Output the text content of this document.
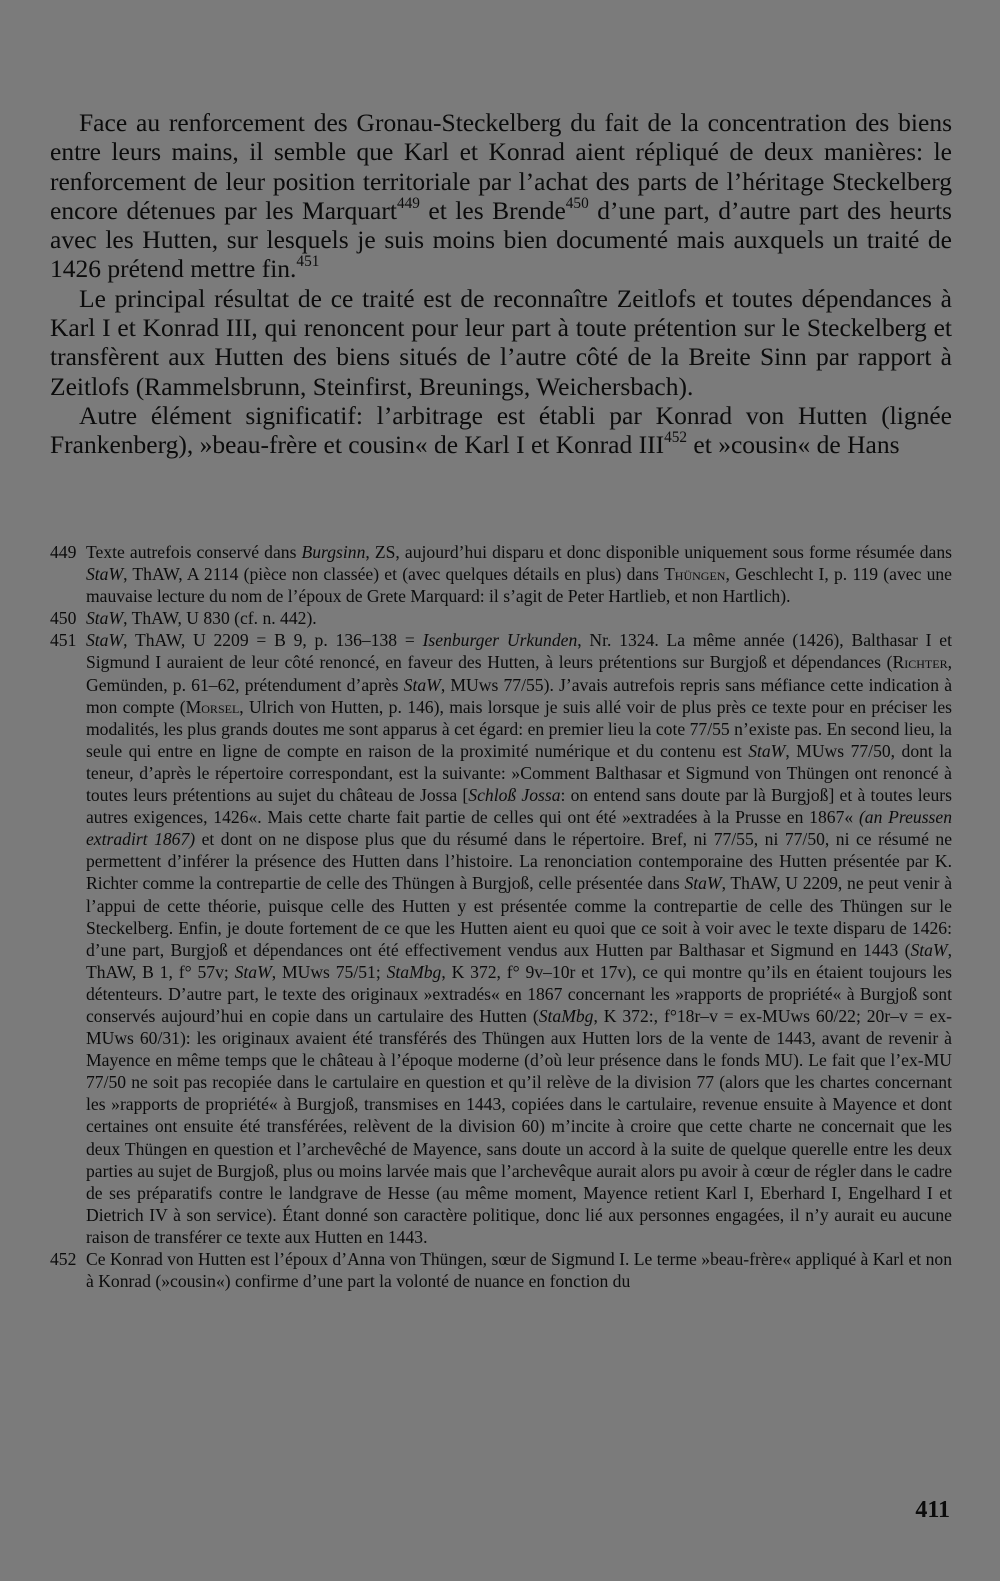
Face au renforcement des Gronau-Steckelberg du fait de la concentration des biens entre leurs mains, il semble que Karl et Konrad aient répliqué de deux manières: le renforcement de leur position territoriale par l’achat des parts de l’héritage Steckelberg encore détenues par les Marquart$^{449}$ et les Brende$^{450}$ d’une part, d’autre part des heurts avec les Hutten, sur lesquels je suis moins bien documenté mais auxquels un traité de 1426 prétend mettre fin.$^{451}$

Le principal résultat de ce traité est de reconnaître Zeitlofs et toutes dépendances à Karl I et Konrad III, qui renoncent pour leur part à toute prétention sur le Steckelberg et transfèrent aux Hutten des biens situés de l’autre côté de la Breite Sinn par rapport à Zeitlofs (Rammelsbrunn, Steinfirst, Breunings, Weichersbach).

Autre élément significatif: l’arbitrage est établi par Konrad von Hutten (lignée Frankenberg), »beau-frère et cousin« de Karl I et Konrad III$^{452}$ et »cousin« de Hans

449 Texte autrefois conservé dans Burgsinn, ZS, aujourd’hui disparu et donc disponible uniquement sous forme résumée dans StaW, ThAW, A 2114 (pièce non classée) et (avec quelques détails en plus) dans Thüngen, Geschlecht I, p. 119 (avec une mauvaise lecture du nom de l’époux de Grete Marquard: il s’agit de Peter Hartlieb, et non Hartlich).
450 StaW, ThAW, U 830 (cf. n. 442).
451 StaW, ThAW, U 2209 = B 9, p. 136–138 = Isenburger Urkunden, Nr. 1324. La même année (1426), Balthasar I et Sigmund I auraient de leur côté renoncé, en faveur des Hutten, à leurs prétentions sur Burgjoß et dépendances (Richter, Gemünden, p. 61–62, prétendument d’après StaW, MUws 77/55). J’avais autrefois repris sans méfiance cette indication à mon compte (Morsel, Ulrich von Hutten, p. 146), mais lorsque je suis allé voir de plus près ce texte pour en préciser les modalités, les plus grands doutes me sont apparus à cet égard: en premier lieu la cote 77/55 n’existe pas. En second lieu, la seule qui entre en ligne de compte en raison de la proximité numérique et du contenu est StaW, MUws 77/50, dont la teneur, d’après le répertoire correspondant, est la suivante: »Comment Balthasar et Sigmund von Thüngen ont renoncé à toutes leurs prétentions au sujet du château de Jossa [Schloß Jossa: on entend sans doute par là Burgjoß] et à toutes leurs autres exigences, 1426«. Mais cette charte fait partie de celles qui ont été »extradées à la Prusse en 1867« (an Preussen extradirt 1867) et dont on ne dispose plus que du résumé dans le répertoire. Bref, ni 77/55, ni 77/50, ni ce résumé ne permettent d’inférer la présence des Hutten dans l’histoire. La renonciation contemporaine des Hutten présentée par K. Richter comme la contrepartie de celle des Thüngen à Burgjoß, celle présentée dans StaW, ThAW, U 2209, ne peut venir à l’appui de cette théorie, puisque celle des Hutten y est présentée comme la contrepartie de celle des Thüngen sur le Steckelberg. Enfin, je doute fortement de ce que les Hutten aient eu quoi que ce soit à voir avec le texte disparu de 1426: d’une part, Burgjoß et dépendances ont été effectivement vendus aux Hutten par Balthasar et Sigmund en 1443 (StaW, ThAW, B 1, f° 57v; StaW, MUws 75/51; StaMbg, K 372, f° 9v–10r et 17v), ce qui montre qu’ils en étaient toujours les détenteurs. D’autre part, le texte des originaux »extradés« en 1867 concernant les »rapports de propriété« à Burgjoß sont conservés aujourd’hui en copie dans un cartulaire des Hutten (StaMbg, K 372:, f°18r–v = ex-MUws 60/22; 20r–v = ex-MUws 60/31): les originaux avaient été transférés des Thüngen aux Hutten lors de la vente de 1443, avant de revenir à Mayence en même temps que le château à l’époque moderne (d’où leur présence dans le fonds MU). Le fait que l’ex-MU 77/50 ne soit pas recopiée dans le cartulaire en question et qu’il relève de la division 77 (alors que les chartes concernant les »rapports de propriété« à Burgjoß, transmises en 1443, copiées dans le cartulaire, revenue ensuite à Mayence et dont certaines ont ensuite été transférées, relèvent de la division 60) m’incite à croire que cette charte ne concernait que les deux Thüngen en question et l’archevêché de Mayence, sans doute un accord à la suite de quelque querelle entre les deux parties au sujet de Burgjoß, plus ou moins larvée mais que l’archevêque aurait alors pu avoir à cœur de régler dans le cadre de ses préparatifs contre le landgrave de Hesse (au même moment, Mayence retient Karl I, Eberhard I, Engelhard I et Dietrich IV à son service). Étant donné son caractère politique, donc lié aux personnes engagées, il n’y aurait eu aucune raison de transférer ce texte aux Hutten en 1443.
452 Ce Konrad von Hutten est l’époux d’Anna von Thüngen, sœur de Sigmund I. Le terme »beau-frère« appliqué à Karl et non à Konrad (»cousin«) confirme d’une part la volonté de nuance en fonction du
411
